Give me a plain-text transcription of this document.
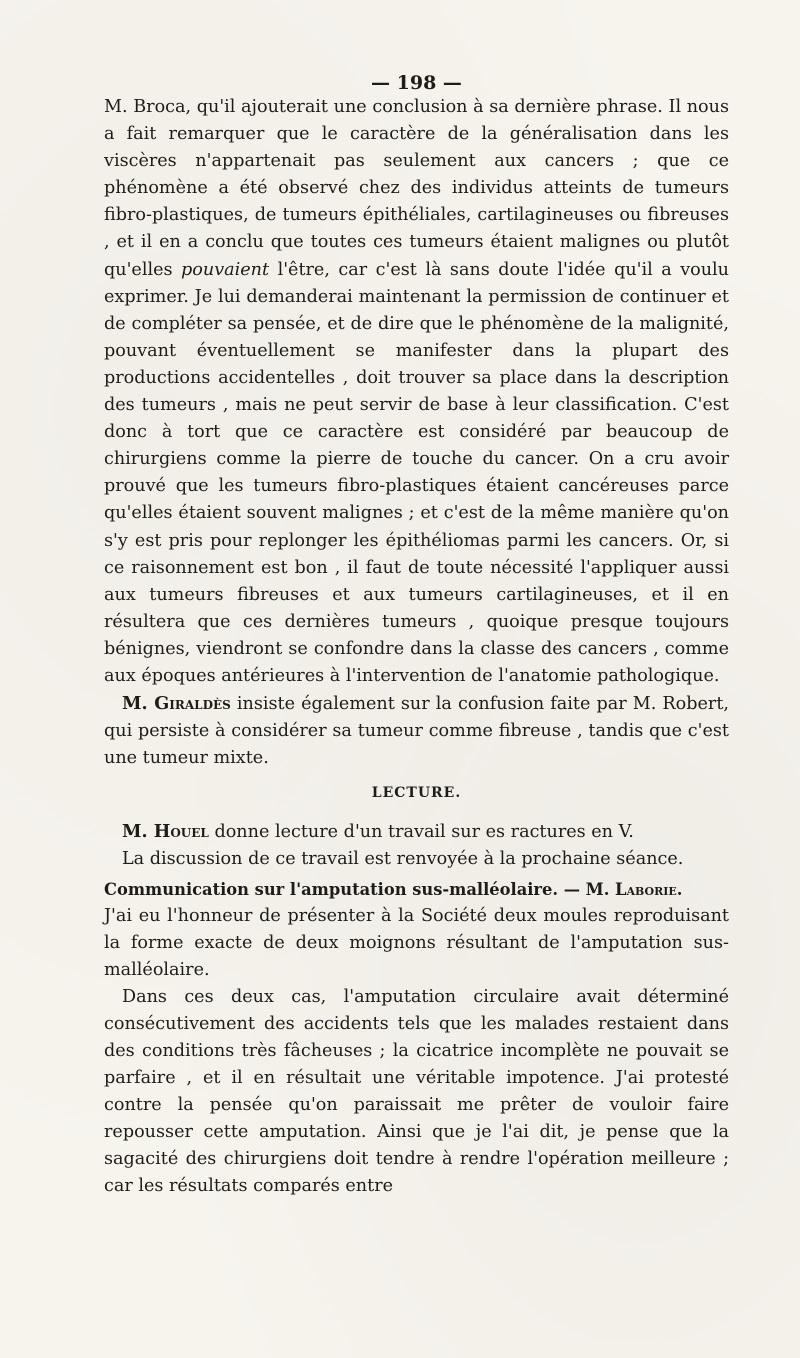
— 198 —

M. Broca, qu'il ajouterait une conclusion à sa dernière phrase. Il nous a fait remarquer que le caractère de la généralisation dans les viscères n'appartenait pas seulement aux cancers ; que ce phénomène a été observé chez des individus atteints de tumeurs fibro-plastiques, de tumeurs épithéliales, cartilagineuses ou fibreuses , et il en a conclu que toutes ces tumeurs étaient malignes ou plutôt qu'elles pouvaient l'être, car c'est là sans doute l'idée qu'il a voulu exprimer. Je lui demanderai maintenant la permission de continuer et de compléter sa pensée, et de dire que le phénomène de la malignité, pouvant éventuellement se manifester dans la plupart des productions accidentelles , doit trouver sa place dans la description des tumeurs , mais ne peut servir de base à leur classification. C'est donc à tort que ce caractère est considéré par beaucoup de chirurgiens comme la pierre de touche du cancer. On a cru avoir prouvé que les tumeurs fibro-plastiques étaient cancéreuses parce qu'elles étaient souvent malignes ; et c'est de la même manière qu'on s'y est pris pour replonger les épithéliomas parmi les cancers. Or, si ce raisonnement est bon , il faut de toute nécessité l'appliquer aussi aux tumeurs fibreuses et aux tumeurs cartilagineuses, et il en résultera que ces dernières tumeurs , quoique presque toujours bénignes, viendront se confondre dans la classe des cancers , comme aux époques antérieures à l'intervention de l'anatomie pathologique.

M. Giraldès insiste également sur la confusion faite par M. Robert, qui persiste à considérer sa tumeur comme fibreuse , tandis que c'est une tumeur mixte.

LECTURE.

M. Houel donne lecture d'un travail sur es ractures en V.

La discussion de ce travail est renvoyée à la prochaine séance.

Communication sur l'amputation sus-malléolaire. — M. Laborie.

J'ai eu l'honneur de présenter à la Société deux moules reproduisant la forme exacte de deux moignons résultant de l'amputation sus-malléolaire.

Dans ces deux cas, l'amputation circulaire avait déterminé consécutivement des accidents tels que les malades restaient dans des conditions très fâcheuses ; la cicatrice incomplète ne pouvait se parfaire , et il en résultait une véritable impotence. J'ai protesté contre la pensée qu'on paraissait me prêter de vouloir faire repousser cette amputation. Ainsi que je l'ai dit, je pense que la sagacité des chirurgiens doit tendre à rendre l'opération meilleure ; car les résultats comparés entre
